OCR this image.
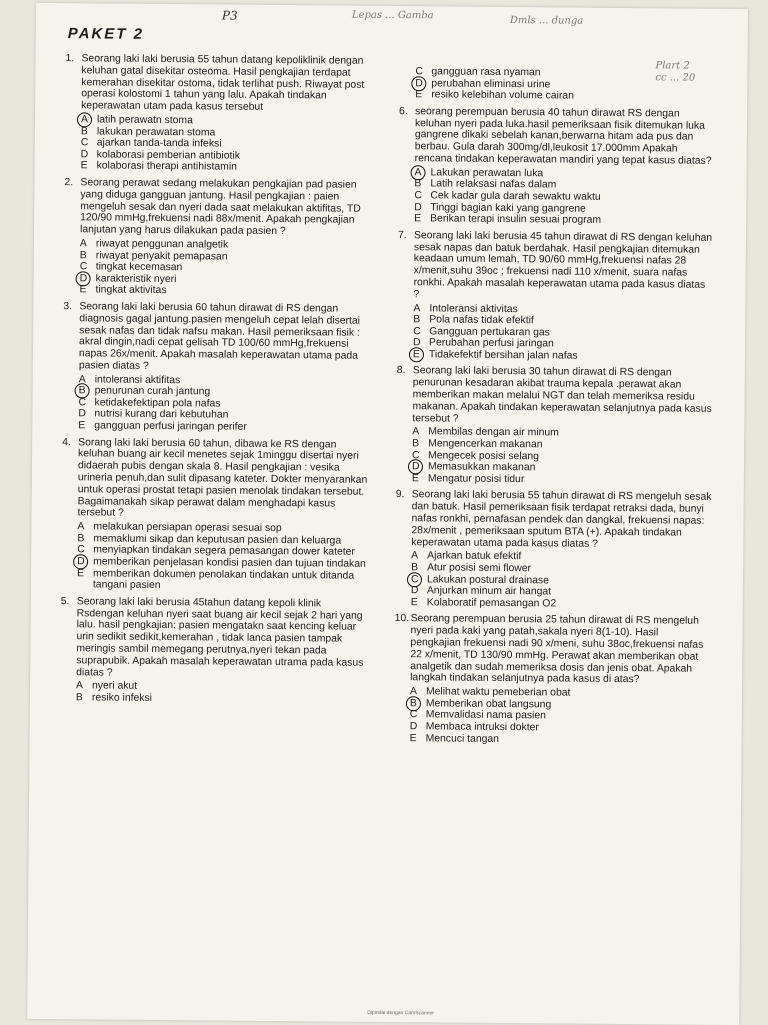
PAKET 2
P3	Lepas ... Gamba	Dmls ... dunga
Plart 2
cc ... 20
1. Seorang laki laki berusia 55 tahun datang kepoliklinik dengan keluhan gatal disekitar osteoma. Hasil pengkajian terdapat kemerahan disekitar ostoma, tidak terlihat push. Riwayat post operasi kolostomi 1 tahun yang lalu. Apakah tindakan keperawatan utam pada kasus tersebut
A latih perawatn stoma
B lakukan perawatan stoma
C ajarkan tanda-tanda infeksi
D kolaborasi pemberian antibiotik
E kolaborasi therapi antihistamin
2. Seorang perawat sedang melakukan pengkajian pad pasien yang diduga gangguan jantung. Hasil pengkajian : paien mengeluh sesak dan nyeri dada saat melakukan aktifitas, TD 120/90 mmHg,frekuensi nadi 88x/menit. Apakah pengkajian lanjutan yang harus dilakukan pada pasien ?
A riwayat penggunan analgetik
B riwayat penyakit pemapasan
C tingkat kecemasan
D karakteristik nyeri
E tingkat aktivitas
3. Seorang laki laki berusia 60 tahun dirawat di RS dengan diagnosis gagal jantung.pasien mengeluh cepat lelah disertai sesak nafas dan tidak nafsu makan. Hasil pemeriksaan fisik : akral dingin,nadi cepat gelisah TD 100/60 mmHg,frekuensi napas 26x/menit. Apakah masalah keperawatan utama pada pasien diatas ?
A intoleransi aktifitas
B penurunan curah jantung
C ketidakefektipan pola nafas
D nutrisi kurang dari kebutuhan
E gangguan perfusi jaringan perifer
4. Sorang laki laki berusia 60 tahun, dibawa ke RS dengan keluhan buang air kecil menetes sejak 1minggu disertai nyeri didaerah pubis dengan skala 8. Hasil pengkajian : vesika urineria penuh,dan sulit dipasang kateter. Dokter menyarankan untuk operasi prostat tetapi pasien menolak tindakan tersebut. Bagaimanakah sikap perawat dalam menghadapi kasus tersebut ?
A melakukan persiapan operasi sesuai sop
B memaklumi sikap dan keputusan pasien dan keluarga
C menyiapkan tindakan segera pemasangan dower kateter
D memberikan penjelasan kondisi pasien dan tujuan tindakan
E memberikan dokumen penolakan tindakan untuk ditanda tangani pasien
5. Seorang laki laki berusia 45tahun datang kepoli klinik Rsdengan keluhan nyeri saat buang air kecil sejak 2 hari yang lalu. hasil pengkajian: pasien mengatakn saat kencing keluar urin sedikit sedikit,kemerahan , tidak lanca pasien tampak meringis sambil memegang perutnya,nyeri tekan pada suprapubik. Apakah masalah keperawatan utrama pada kasus diatas ?
A nyeri akut
B resiko infeksi
C gangguan rasa nyaman
D perubahan eliminasi urine
E resiko kelebihan volume cairan
6. seorang perempuan berusia 40 tahun dirawat RS dengan keluhan nyeri pada luka.hasil pemeriksaan fisik ditemukan luka gangrene dikaki sebelah kanan,berwarna hitam ada pus dan berbau. Gula darah 300mg/dl,leukosit 17.000mm Apakah rencana tindakan keperawatan mandiri yang tepat kasus diatas?
A Lakukan perawatan luka
B Latih relaksasi nafas dalam
C Cek kadar gula darah sewaktu waktu
D Tinggi bagian kaki yang gangrene
E Berikan terapi insulin sesuai program
7. Seorang laki laki berusia 45 tahun dirawat di RS dengan keluhan sesak napas dan batuk berdahak. Hasil pengkajian ditemukan keadaan umum lemah, TD 90/60 mmHg,frekuensi nafas 28 x/menit,suhu 39oc ; frekuensi nadi 110 x/menit, suara nafas ronkhi. Apakah masalah keperawatan utama pada kasus diatas ?
A Intoleransi aktivitas
B Pola nafas tidak efektif
C Gangguan pertukaran gas
D Perubahan perfusi jaringan
E Tidakefektif bersihan jalan nafas
8. Seorang laki laki berusia 30 tahun dirawat di RS dengan penurunan kesadaran akibat trauma kepala .perawat akan memberikan makan melalui NGT dan telah memeriksa residu makanan. Apakah tindakan keperawatan selanjutnya pada kasus tersebut ?
A Membilas dengan air minum
B Mengencerkan makanan
C Mengecek posisi selang
D Memasukkan makanan
E Mengatur posisi tidur
9. Seorang laki laki berusia 55 tahun dirawat di RS mengeluh sesak dan batuk. Hasil pemeriksaan fisik terdapat retraksi dada, bunyi nafas ronkhi, pernafasan pendek dan dangkal, frekuensi napas: 28x/menit , pemeriksaan sputum BTA (+). Apakah tindakan keperawatan utama pada kasus diatas ?
A Ajarkan batuk efektif
B Atur posisi semi flower
C Lakukan postural drainase
D Anjurkan minum air hangat
E Kolaboratif pemasangan O2
10. Seorang perempuan berusia 25 tahun dirawat di RS mengeluh nyeri pada kaki yang patah,sakala nyeri 8(1-10). Hasil pengkajian frekuensi nadi 90 x/meni, suhu 38oc,frekuensi nafas 22 x/menit, TD 130/90 mmHg. Perawat akan memberikan obat analgetik dan sudah memeriksa dosis dan jenis obat. Apakah langkah tindakan selanjutnya pada kasus di atas?
A Melihat waktu pemeberian obat
B Memberikan obat langsung
C Memvalidasi nama pasien
D Membaca intruksi dokter
E Mencuci tangan
Dipindai dengan CamScanner
